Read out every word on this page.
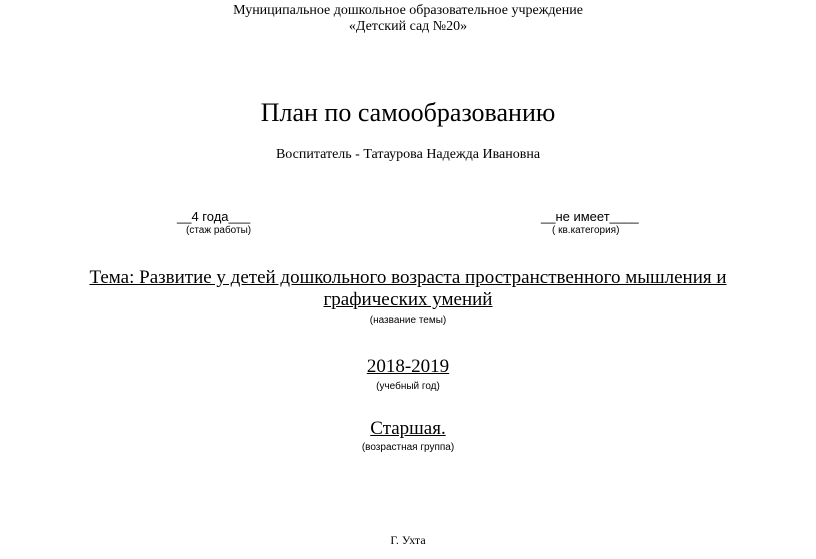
Муниципальное дошкольное образовательное учреждение
«Детский сад №20»
План по самообразованию
Воспитатель - Татаурова Надежда Ивановна
__4 года___
(стаж работы)
__не имеет____
( кв.категория)
Тема: Развитие у детей дошкольного возраста пространственного мышления и графических умений
(название темы)
2018-2019
(учебный год)
Старшая.
(возрастная группа)
Г. Ухта
